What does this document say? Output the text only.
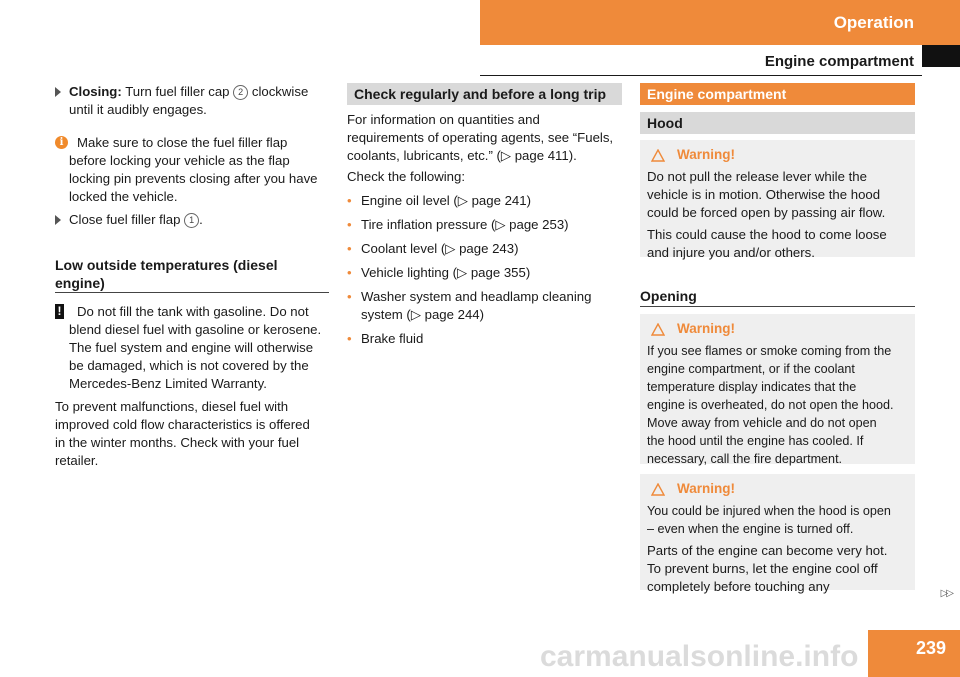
Operation
Engine compartment
Closing: Turn fuel filler cap 2 clockwise
until it audibly engages.
i	Make sure to close the fuel filler flap
before locking your vehicle as the flap
locking pin prevents closing after you have
locked the vehicle.
Close fuel filler flap 1 .
Low outside temperatures (diesel
engine)
! Do not fill the tank with gasoline. Do not
blend diesel fuel with gasoline or kerosene.
The fuel system and engine will otherwise
be damaged, which is not covered by the
Mercedes-Benz Limited Warranty.
To prevent malfunctions, diesel fuel with
improved cold flow characteristics is offered
in the winter months. Check with your fuel
retailer.
Check regularly and before a long trip
For information on quantities and
requirements of operating agents, see “Fuels,
coolants, lubricants, etc.” (▷ page 411).
Check the following:
• Engine oil level (▷ page 241)
• Tire inflation pressure (▷ page 253)
• Coolant level (▷ page 243)
• Vehicle lighting (▷ page 355)
• Washer system and headlamp cleaning system (▷ page 244)
• Brake fluid
Engine compartment
Hood
Warning!

Do not pull the release lever while the
vehicle is in motion. Otherwise the hood
could be forced open by passing air flow.

This could cause the hood to come loose
and injure you and/or others.

Opening
Warning!

If you see flames or smoke coming from the
engine compartment, or if the coolant
temperature display indicates that the
engine is overheated, do not open the hood.
Move away from vehicle and do not open
the hood until the engine has cooled. If
necessary, call the fire department.

Warning!

You could be injured when the hood is open
– even when the engine is turned off.

Parts of the engine can become very hot.
To prevent burns, let the engine cool off
completely before touching any	▷▷
239
carmanualsonline.info
